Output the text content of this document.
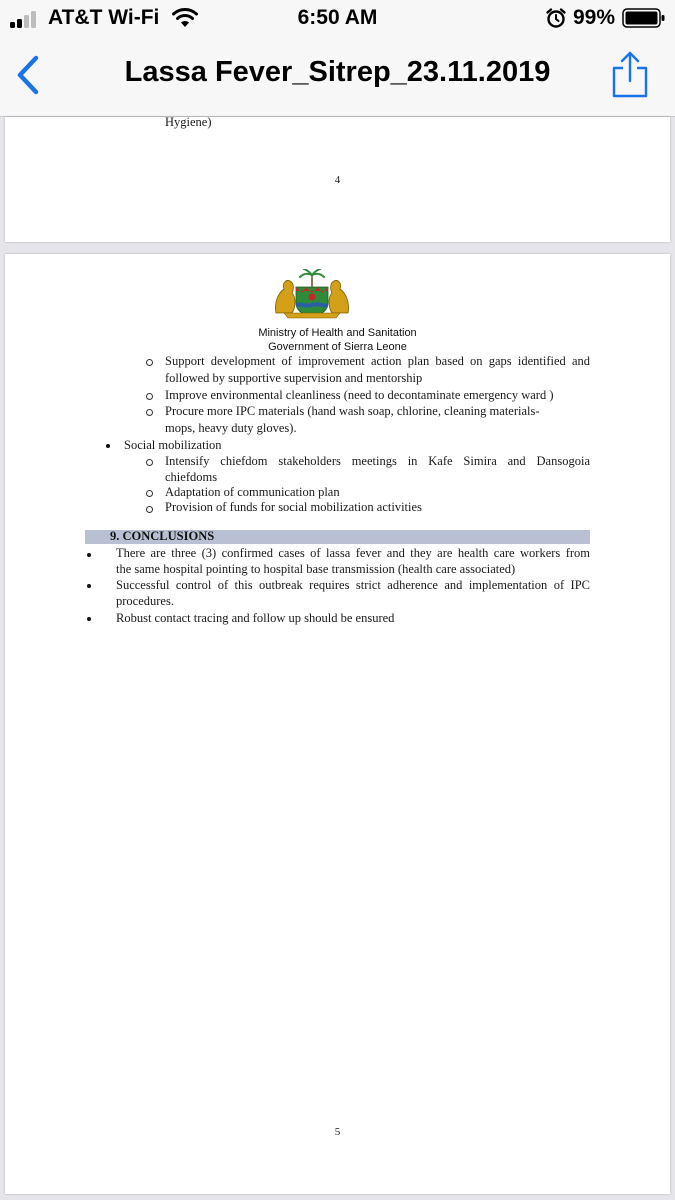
AT&T Wi-Fi	6:50 AM	99%
Lassa Fever_Sitrep_23.11.2019
Hygiene)
4
Ministry of Health and Sanitation
Government of Sierra Leone
Support development of improvement action plan based on gaps identified and
followed by supportive supervision and mentorship
Improve environmental cleanliness (need to decontaminate emergency ward )
Procure more IPC materials (hand wash soap, chlorine, cleaning materials-
mops, heavy duty gloves).
Social mobilization
Intensify chiefdom stakeholders meetings in Kafe Simira and Dansogoia
chiefdoms
Adaptation of communication plan
Provision of funds for social mobilization activities
9. CONCLUSIONS
There are three (3) confirmed cases of lassa fever and they are health care workers from
the same hospital pointing to hospital base transmission (health care associated)
Successful control of this outbreak requires strict adherence and implementation of IPC
procedures.
Robust contact tracing and follow up should be ensured
5
